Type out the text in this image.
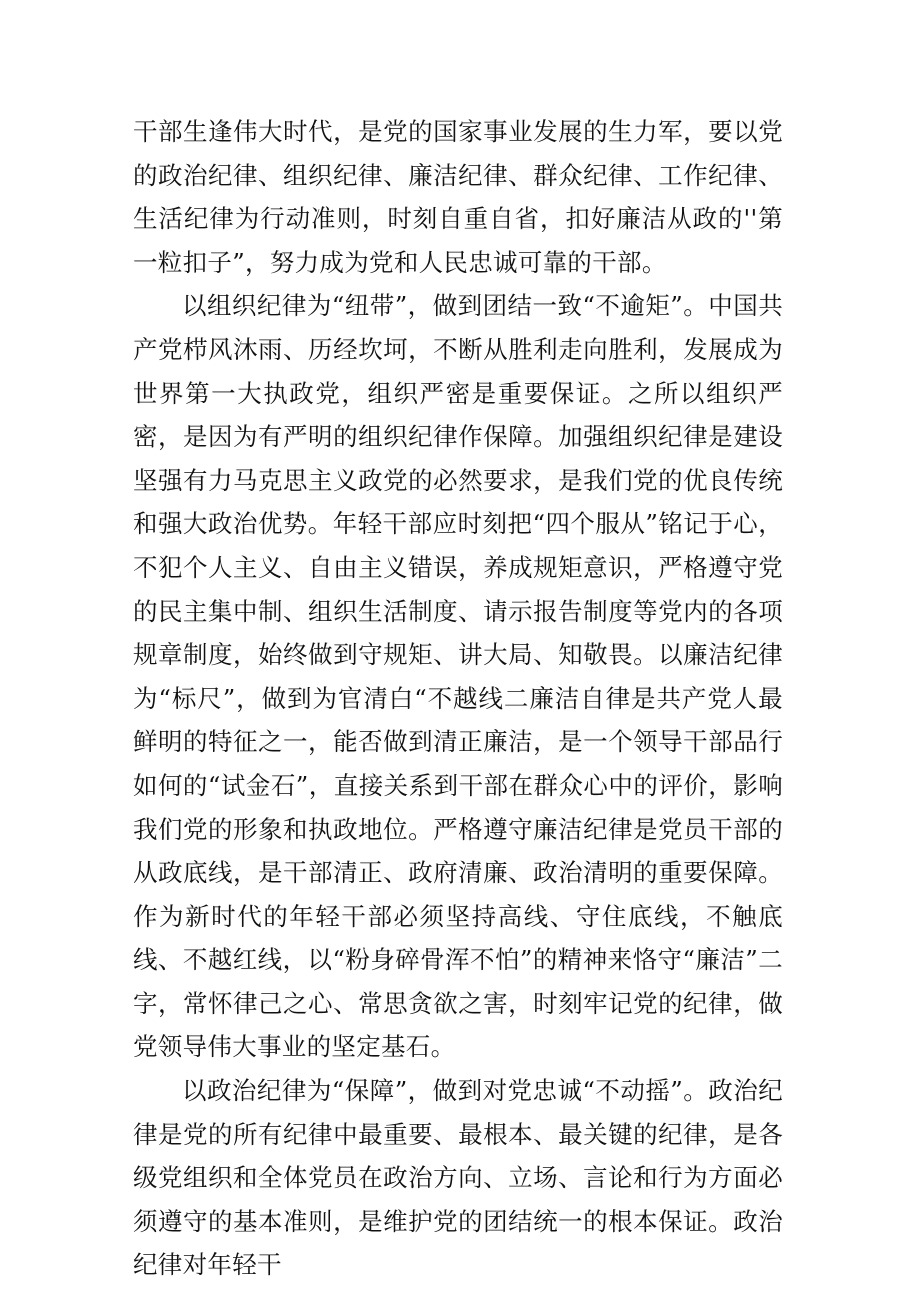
干部生逢伟大时代，是党的国家事业发展的生力军，要以党的政治纪律、组织纪律、廉洁纪律、群众纪律、工作纪律、生活纪律为行动准则，时刻自重自省，扣好廉洁从政的''第一粒扣子”，努力成为党和人民忠诚可靠的干部。

以组织纪律为“纽带”，做到团结一致“不逾矩”。中国共产党栉风沐雨、历经坎坷，不断从胜利走向胜利，发展成为世界第一大执政党，组织严密是重要保证。之所以组织严密，是因为有严明的组织纪律作保障。加强组织纪律是建设坚强有力马克思主义政党的必然要求，是我们党的优良传统和强大政治优势。年轻干部应时刻把“四个服从”铭记于心，不犯个人主义、自由主义错误，养成规矩意识，严格遵守党的民主集中制、组织生活制度、请示报告制度等党内的各项规章制度，始终做到守规矩、讲大局、知敬畏。以廉洁纪律为“标尺”，做到为官清白“不越线二廉洁自律是共产党人最鲜明的特征之一，能否做到清正廉洁，是一个领导干部品行如何的“试金石”，直接关系到干部在群众心中的评价，影响我们党的形象和执政地位。严格遵守廉洁纪律是党员干部的从政底线，是干部清正、政府清廉、政治清明的重要保障。作为新时代的年轻干部必须坚持高线、守住底线，不触底线、不越红线，以“粉身碎骨浑不怕”的精神来恪守“廉洁”二字，常怀律己之心、常思贪欲之害，时刻牢记党的纪律，做党领导伟大事业的坚定基石。

以政治纪律为“保障”，做到对党忠诚“不动摇”。政治纪律是党的所有纪律中最重要、最根本、最关键的纪律，是各级党组织和全体党员在政治方向、立场、言论和行为方面必须遵守的基本准则，是维护党的团结统一的根本保证。政治纪律对年轻干
